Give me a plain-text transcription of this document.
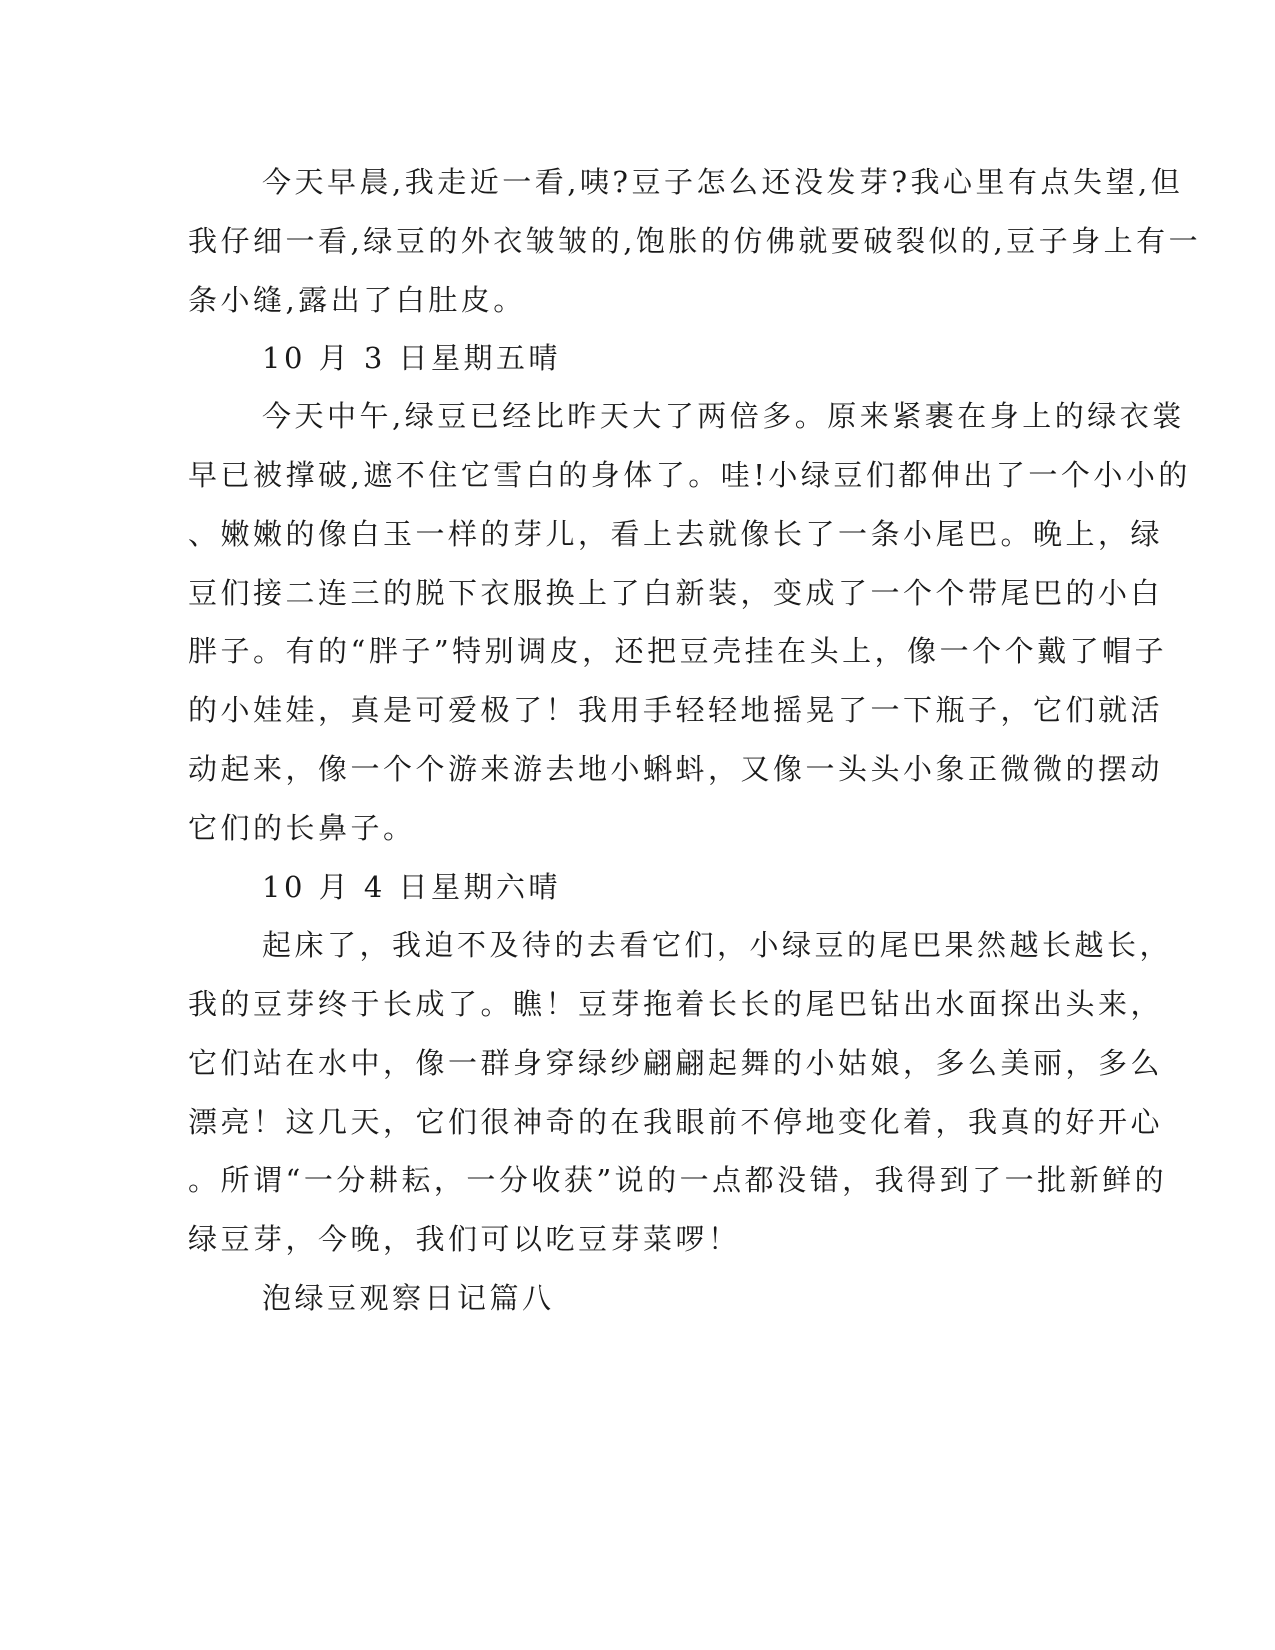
今天早晨,我走近一看,咦?豆子怎么还没发芽?我心里有点失望,但
我仔细一看,绿豆的外衣皱皱的,饱胀的仿佛就要破裂似的,豆子身上有一
条小缝,露出了白肚皮。
10 月 3 日星期五晴
今天中午,绿豆已经比昨天大了两倍多。原来紧裹在身上的绿衣裳
早已被撑破,遮不住它雪白的身体了。哇!小绿豆们都伸出了一个小小的
、嫩嫩的像白玉一样的芽儿，看上去就像长了一条小尾巴。晚上，绿
豆们接二连三的脱下衣服换上了白新装，变成了一个个带尾巴的小白
胖子。有的“胖子”特别调皮，还把豆壳挂在头上，像一个个戴了帽子
的小娃娃，真是可爱极了！我用手轻轻地摇晃了一下瓶子，它们就活
动起来，像一个个游来游去地小蝌蚪，又像一头头小象正微微的摆动
它们的长鼻子。
10 月 4 日星期六晴
起床了，我迫不及待的去看它们，小绿豆的尾巴果然越长越长，
我的豆芽终于长成了。瞧！豆芽拖着长长的尾巴钻出水面探出头来，
它们站在水中，像一群身穿绿纱翩翩起舞的小姑娘，多么美丽，多么
漂亮！这几天，它们很神奇的在我眼前不停地变化着，我真的好开心
。所谓“一分耕耘，一分收获”说的一点都没错，我得到了一批新鲜的
绿豆芽，今晚，我们可以吃豆芽菜啰！
泡绿豆观察日记篇八
